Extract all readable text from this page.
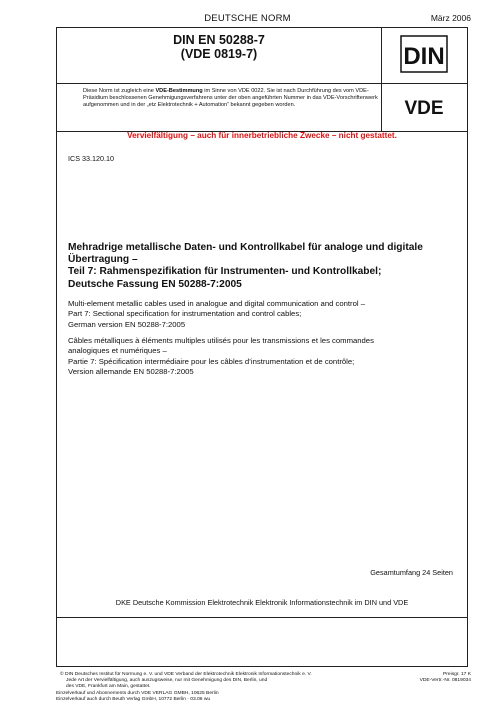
DEUTSCHE NORM	März 2006
DIN EN 50288-7
(VDE 0819-7)	DIN
Diese Norm ist zugleich eine VDE-Bestimmung im Sinne von VDE 0022. Sie ist nach Durchführung des vom VDE-Präsidium beschlossenen Genehmigungsverfahrens unter der oben angeführten Nummer in das VDE-Vorschriftenwerk aufgenommen und in der „etz Elektrotechnik + Automation“ bekannt gegeben worden.	VDE
Vervielfältigung – auch für innerbetriebliche Zwecke – nicht gestattet.
ICS 33.120.10
Mehradrige metallische Daten- und Kontrollkabel für analoge und digitale
Übertragung –
Teil 7: Rahmenspezifikation für Instrumenten- und Kontrollkabel;
Deutsche Fassung EN 50288-7:2005
Multi-element metallic cables used in analogue and digital communication and control –
Part 7: Sectional specification for instrumentation and control cables;
German version EN 50288-7:2005
Câbles métalliques à éléments multiples utilisés pour les transmissions et les commandes
analogiques et numériques –
Partie 7: Spécification intermédiaire pour les câbles d’instrumentation et de contrôle;
Version allemande EN 50288-7:2005
Gesamtumfang 24 Seiten
DKE Deutsche Kommission Elektrotechnik Elektronik Informationstechnik im DIN und VDE
© DIN Deutsches Institut für Normung e. V. und VDE Verband der Elektrotechnik Elektronik Informationstechnik e. V.
Jede Art der Vervielfältigung, auch auszugsweise, nur mit Genehmigung des DIN, Berlin, und
des VDE, Frankfurt am Main, gestattet.
Preisgr. 17 K
VDE-Vertr.-Nr. 0819034
Einzelverkauf und Abonnements durch VDE VERLAG GMBH, 10625 Berlin
Einzelverkauf auch durch Beuth Verlag GmbH, 10772 Berlin · 03.06 wu
